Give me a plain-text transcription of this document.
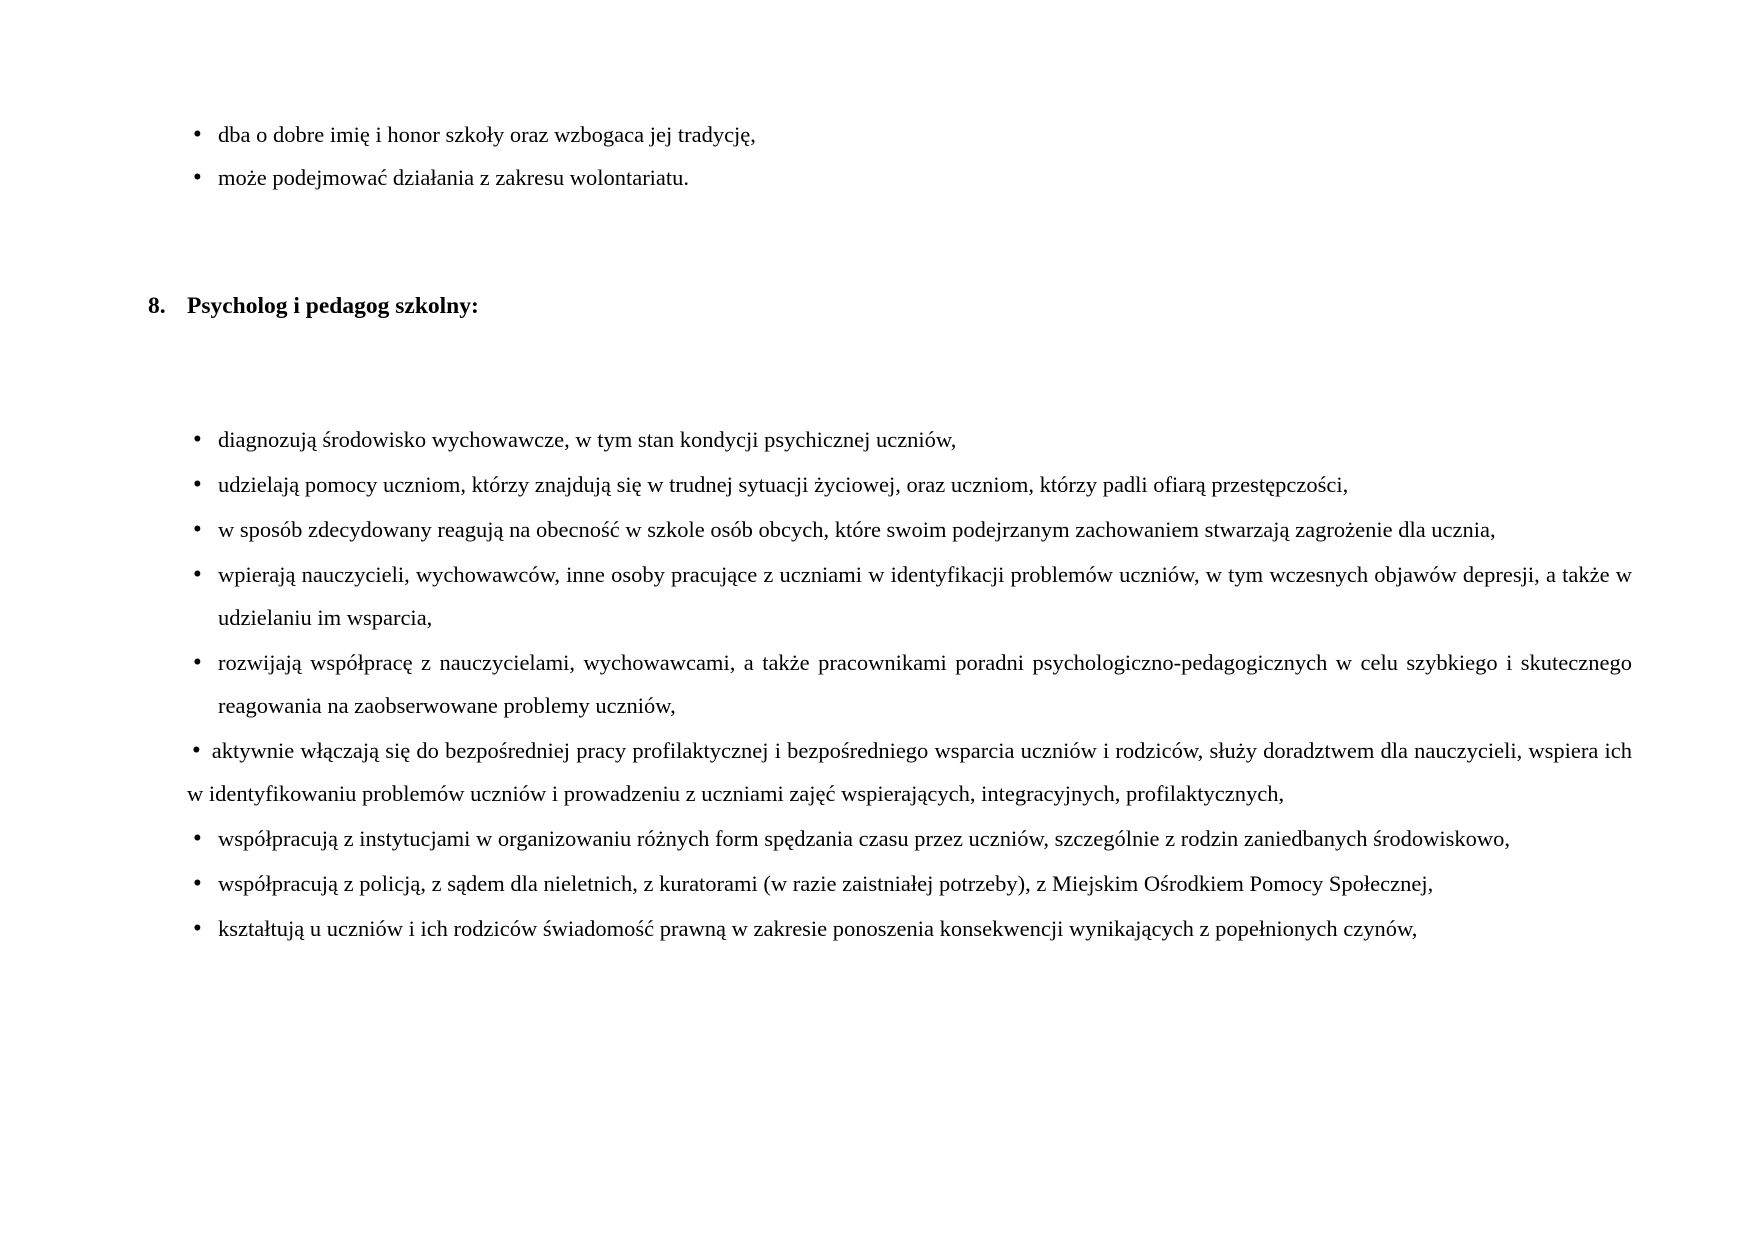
• dba o dobre imię i honor szkoły oraz wzbogaca jej tradycję,
• może podejmować działania z zakresu wolontariatu.
8. Psycholog i pedagog szkolny:
• diagnozują środowisko wychowawcze, w tym stan kondycji psychicznej uczniów,
• udzielają pomocy uczniom, którzy znajdują się w trudnej sytuacji życiowej, oraz uczniom, którzy padli ofiarą przestępczości,
• w sposób zdecydowany reagują na obecność w szkole osób obcych, które swoim podejrzanym zachowaniem stwarzają zagrożenie dla ucznia,
• wpierają nauczycieli, wychowawców, inne osoby pracujące z uczniami w identyfikacji problemów uczniów, w tym wczesnych objawów depresji, a także w udzielaniu im wsparcia,
• rozwijają współpracę z nauczycielami, wychowawcami, a także pracownikami poradni psychologiczno-pedagogicznych w celu szybkiego i skutecznego reagowania na zaobserwowane problemy uczniów,
• aktywnie włączają się do bezpośredniej pracy profilaktycznej i bezpośredniego wsparcia uczniów i rodziców, służy doradztwem dla nauczycieli, wspiera ich w identyfikowaniu problemów uczniów i prowadzeniu z uczniami zajęć wspierających, integracyjnych, profilaktycznych,
• współpracują z instytucjami w organizowaniu różnych form spędzania czasu przez uczniów, szczególnie z rodzin zaniedbanych środowiskowo,
• współpracują z policją, z sądem dla nieletnich, z kuratorami (w razie zaistniałej potrzeby), z Miejskim Ośrodkiem Pomocy Społecznej,
• kształtują u uczniów i ich rodziców świadomość prawną w zakresie ponoszenia konsekwencji wynikających z popełnionych czynów,
